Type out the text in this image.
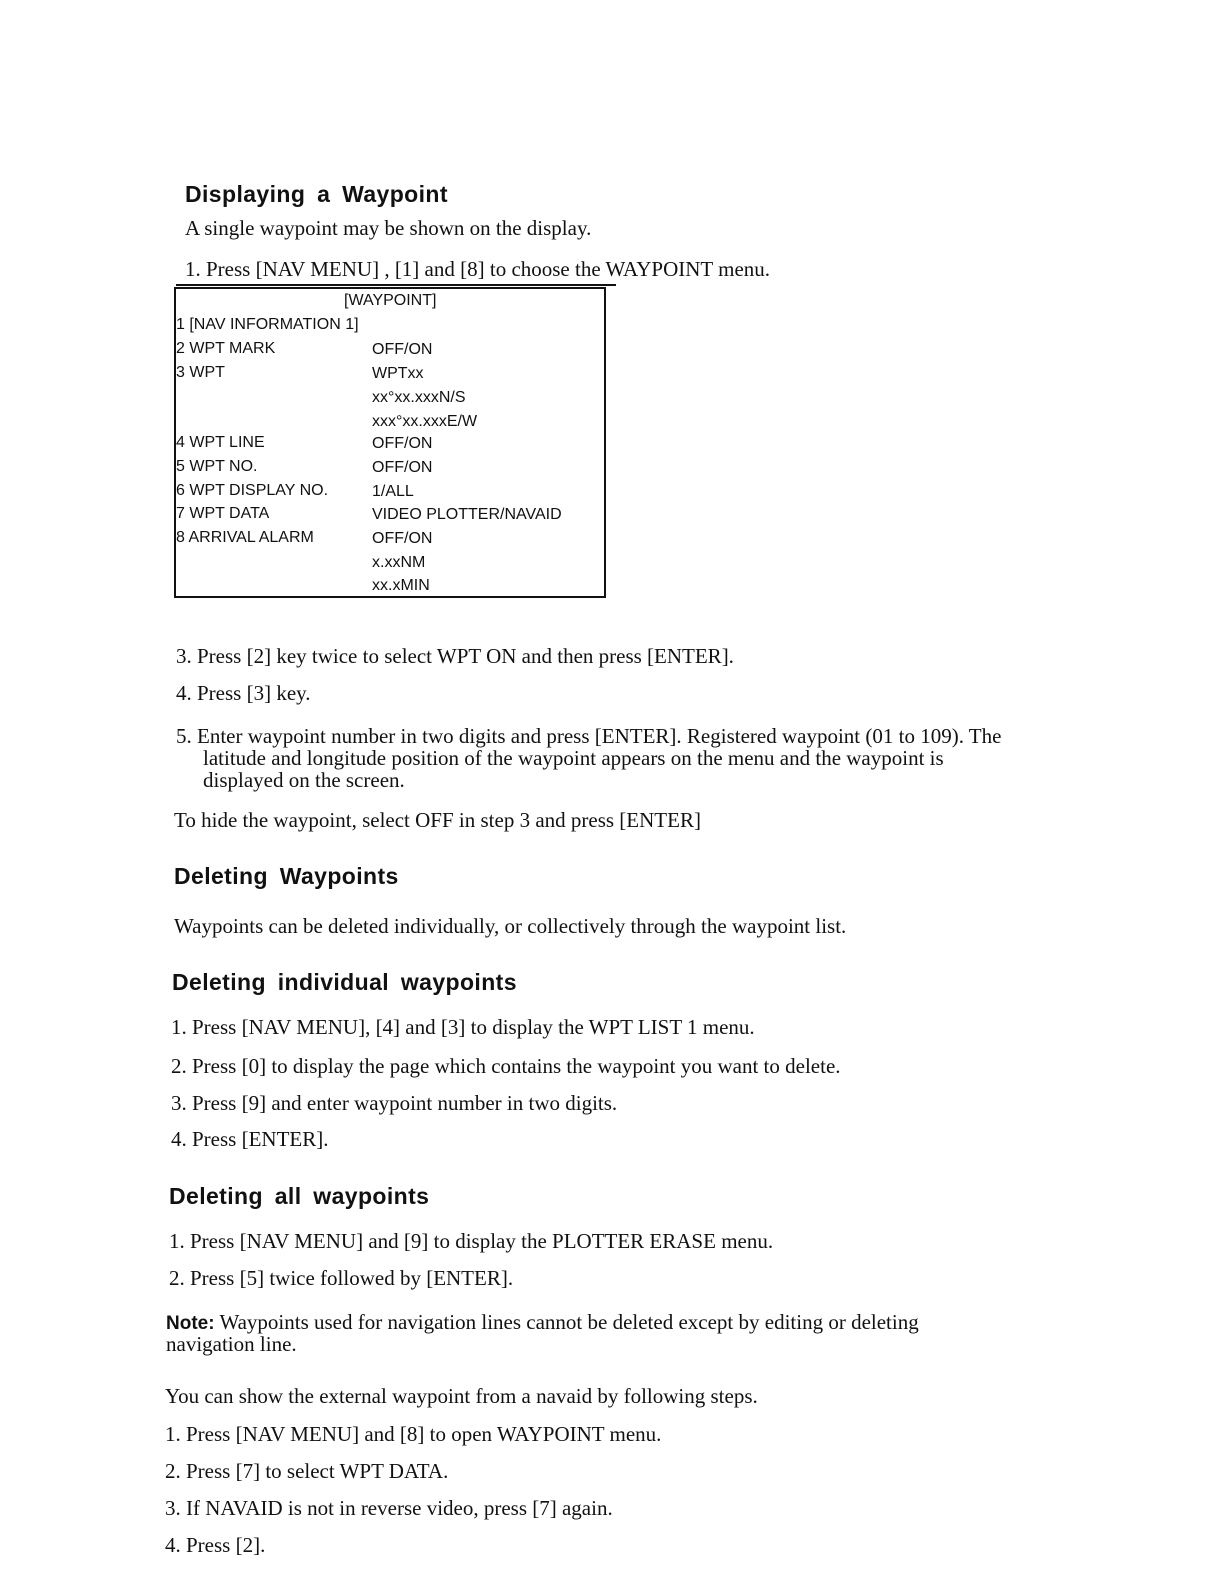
Displaying a Waypoint
A single waypoint may be shown on the display.
1. Press [NAV MENU] , [1] and [8] to choose the WAYPOINT menu.
[WAYPOINT]
1 [NAV INFORMATION 1]
2 WPT MARK	OFF/ON
3 WPT	WPTxx
xx°xx.xxxN/S
xxx°xx.xxxE/W
4 WPT LINE	OFF/ON
5 WPT NO.	OFF/ON
6 WPT DISPLAY NO.	1/ALL
7 WPT DATA	VIDEO PLOTTER/NAVAID
8 ARRIVAL ALARM	OFF/ON
x.xxNM
xx.xMIN
3. Press [2] key twice to select WPT ON and then press [ENTER].
4. Press [3] key.
5. Enter waypoint number in two digits and press [ENTER]. Registered waypoint (01 to 109). The
latitude and longitude position of the waypoint appears on the menu and the waypoint is
displayed on the screen.
To hide the waypoint, select OFF in step 3 and press [ENTER]
Deleting Waypoints
Waypoints can be deleted individually, or collectively through the waypoint list.
Deleting individual waypoints
1. Press [NAV MENU], [4] and [3] to display the WPT LIST 1 menu.
2. Press [0] to display the page which contains the waypoint you want to delete.
3. Press [9] and enter waypoint number in two digits.
4. Press [ENTER].
Deleting all waypoints
1. Press [NAV MENU] and [9] to display the PLOTTER ERASE menu.
2. Press [5] twice followed by [ENTER].
Note: Waypoints used for navigation lines cannot be deleted except by editing or deleting
navigation line.
You can show the external waypoint from a navaid by following steps.
1. Press [NAV MENU] and [8] to open WAYPOINT menu.
2. Press [7] to select WPT DATA.
3. If NAVAID is not in reverse video, press [7] again.
4. Press [2].
